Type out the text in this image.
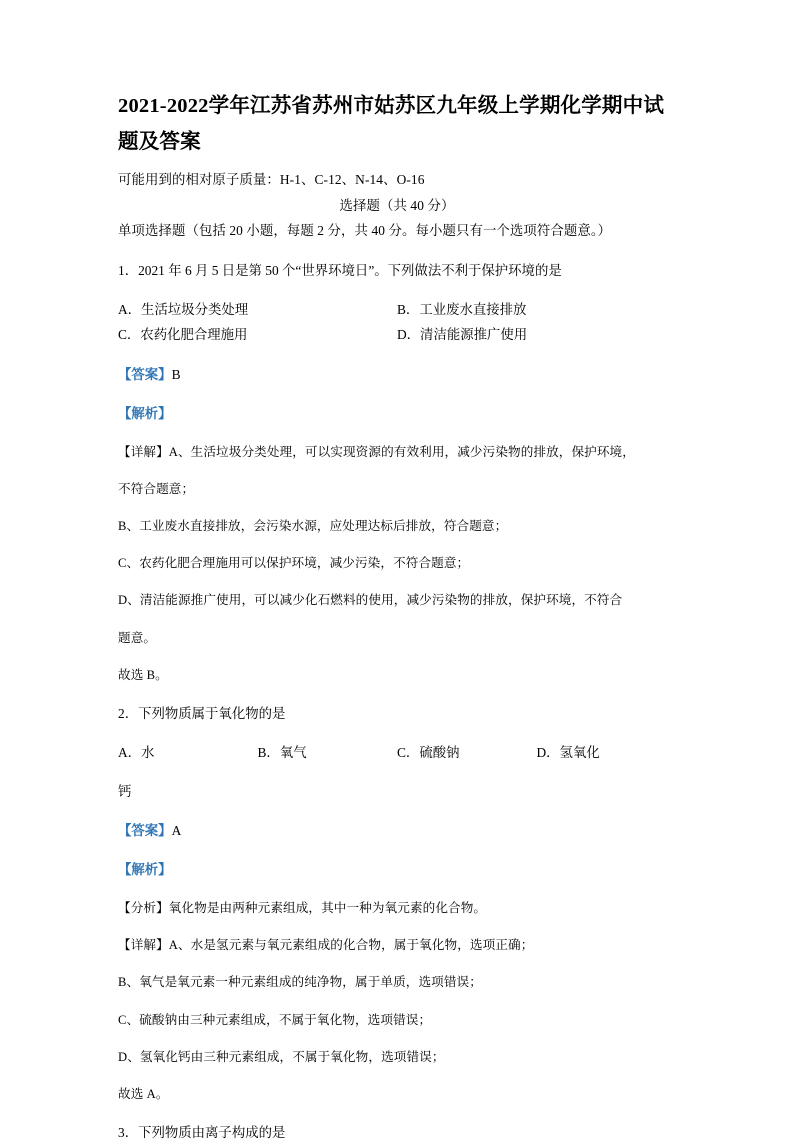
2021-2022学年江苏省苏州市姑苏区九年级上学期化学期中试题及答案

可能用到的相对原子质量：H-1、C-12、N-14、O-16

选择题（共 40 分）

单项选择题（包括 20 小题，每题 2 分，共 40 分。每小题只有一个选项符合题意。）

1．2021 年 6 月 5 日是第 50 个“世界环境日”。下列做法不利于保护环境的是

A．生活垃圾分类处理	B．工业废水直接排放
C．农药化肥合理施用	D．清洁能源推广使用

【答案】B

【解析】

【详解】A、生活垃圾分类处理，可以实现资源的有效利用，减少污染物的排放，保护环境，

不符合题意；

B、工业废水直接排放，会污染水源，应处理达标后排放，符合题意；

C、农药化肥合理施用可以保护环境，减少污染，不符合题意；

D、清洁能源推广使用，可以减少化石燃料的使用，减少污染物的排放，保护环境，不符合

题意。

故选 B。

2．下列物质属于氧化物的是

A．水	B．氧气	C．硫酸钠	D．氢氧化

钙

【答案】A

【解析】

【分析】氧化物是由两种元素组成，其中一种为氧元素的化合物。

【详解】A、水是氢元素与氧元素组成的化合物，属于氧化物，选项正确；

B、氧气是氧元素一种元素组成的纯净物，属于单质，选项错误；

C、硫酸钠由三种元素组成，不属于氧化物，选项错误；

D、氢氧化钙由三种元素组成，不属于氧化物，选项错误；

故选 A。

3．下列物质由离子构成的是
